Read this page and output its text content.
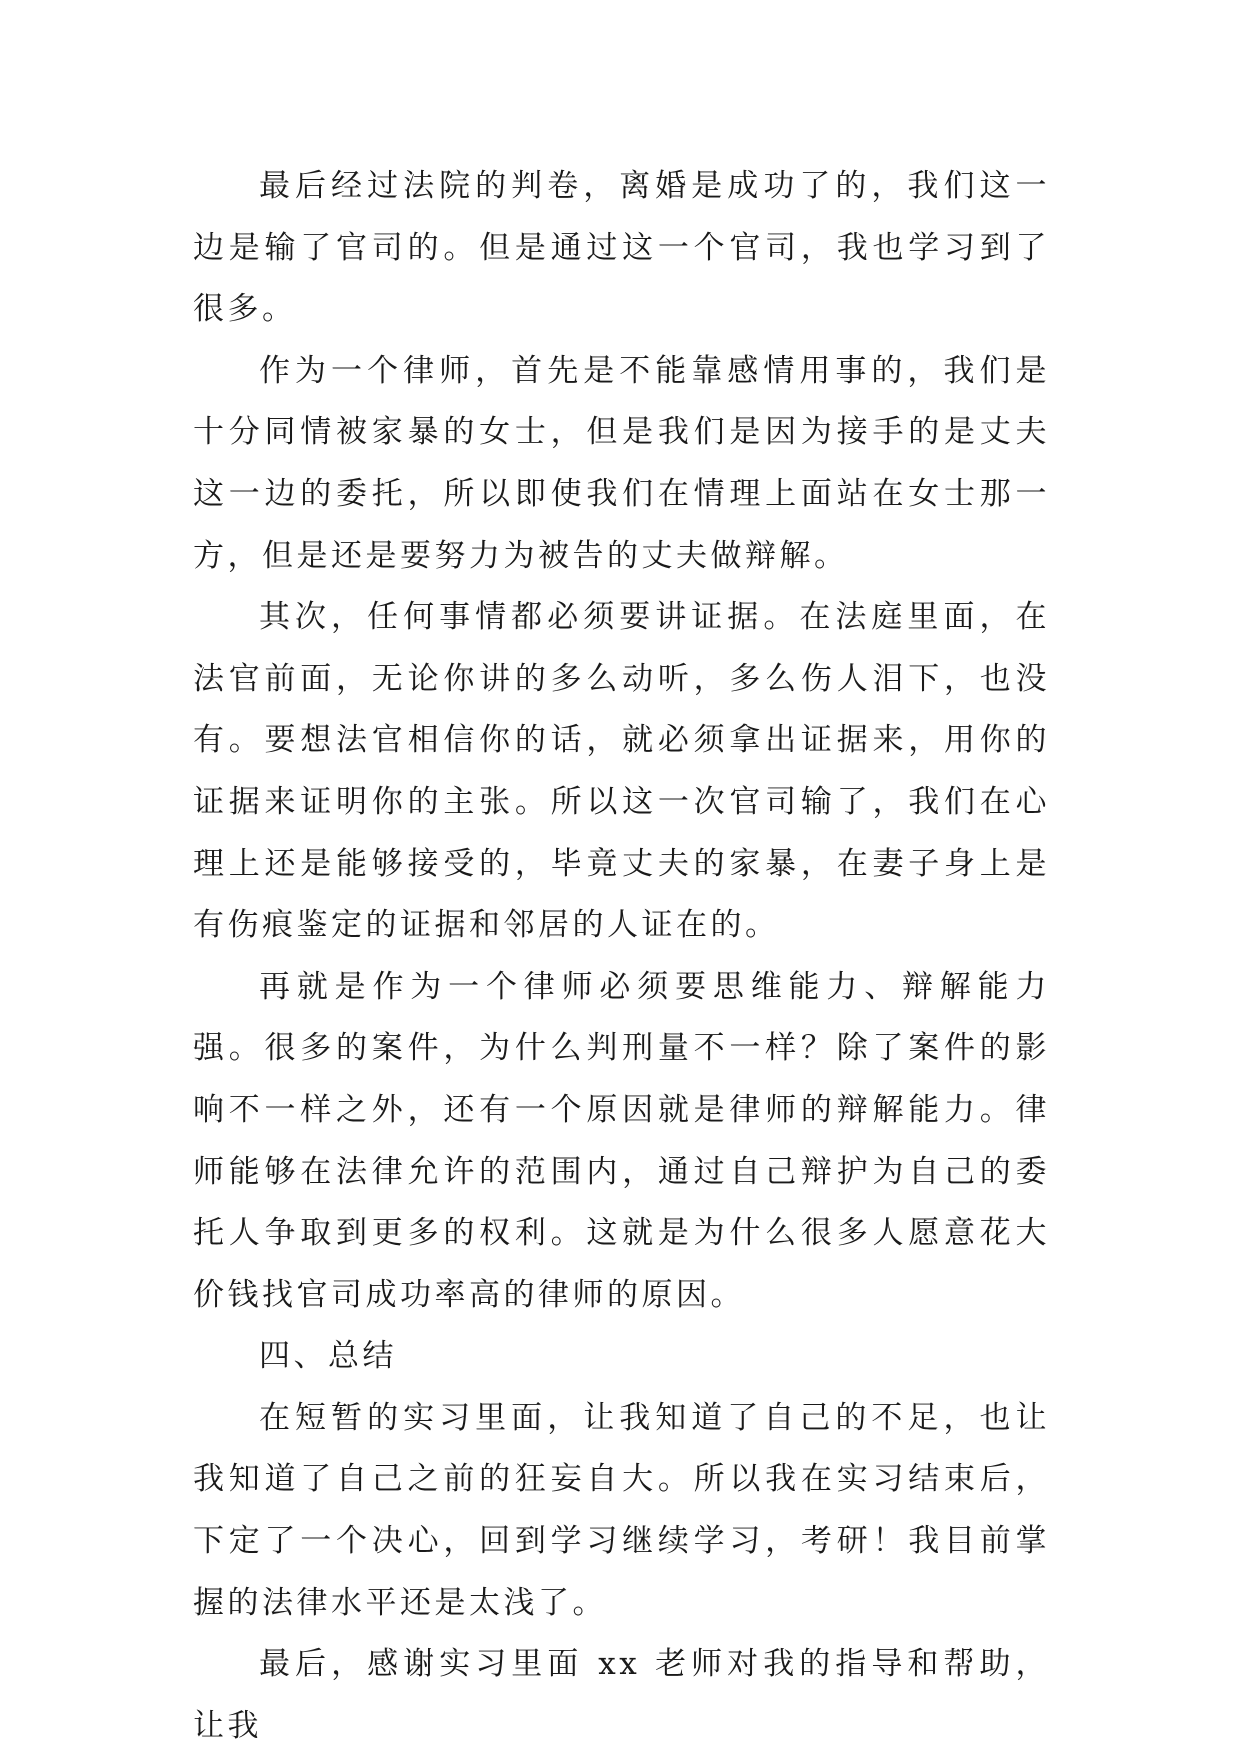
最后经过法院的判卷，离婚是成功了的，我们这一边是输了官司的。但是通过这一个官司，我也学习到了很多。

作为一个律师，首先是不能靠感情用事的，我们是十分同情被家暴的女士，但是我们是因为接手的是丈夫这一边的委托，所以即使我们在情理上面站在女士那一方，但是还是要努力为被告的丈夫做辩解。

其次，任何事情都必须要讲证据。在法庭里面，在法官前面，无论你讲的多么动听，多么伤人泪下，也没有。要想法官相信你的话，就必须拿出证据来，用你的证据来证明你的主张。所以这一次官司输了，我们在心理上还是能够接受的，毕竟丈夫的家暴，在妻子身上是有伤痕鉴定的证据和邻居的人证在的。

再就是作为一个律师必须要思维能力、辩解能力强。很多的案件，为什么判刑量不一样？除了案件的影响不一样之外，还有一个原因就是律师的辩解能力。律师能够在法律允许的范围内，通过自己辩护为自己的委托人争取到更多的权利。这就是为什么很多人愿意花大价钱找官司成功率高的律师的原因。

四、总结

在短暂的实习里面，让我知道了自己的不足，也让我知道了自己之前的狂妄自大。所以我在实习结束后，下定了一个决心，回到学习继续学习，考研！我目前掌握的法律水平还是太浅了。

最后，感谢实习里面 xx 老师对我的指导和帮助，让我
